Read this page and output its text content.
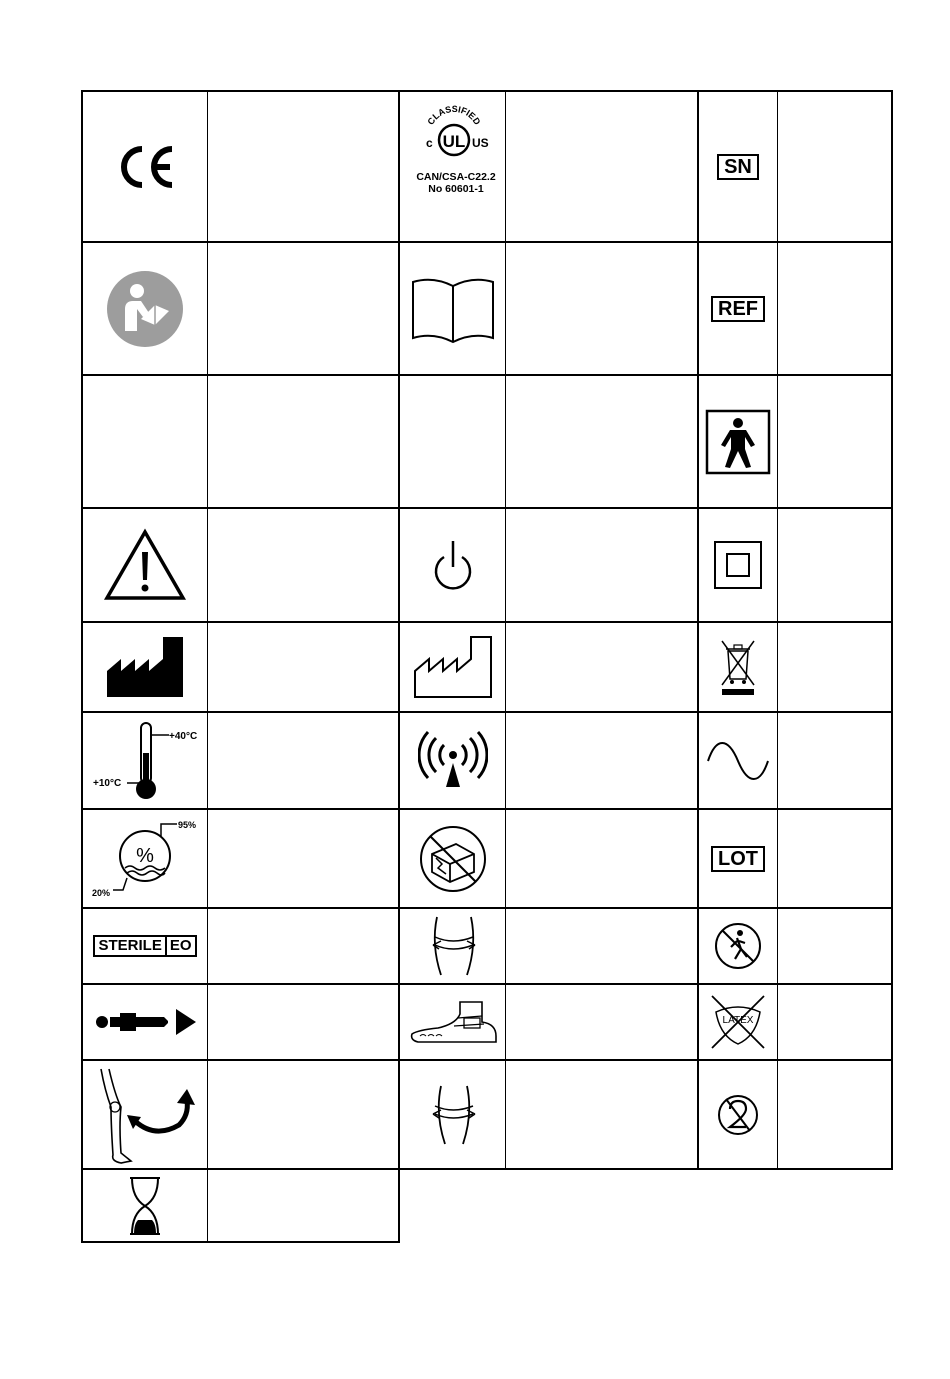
CLASSIFIED
UL
c	US
CAN/CSA-C22.2
No 60601-1
SN
REF
+40°C
+10°C
%
95%
20%
LOT
STERILE EO
LATEX
